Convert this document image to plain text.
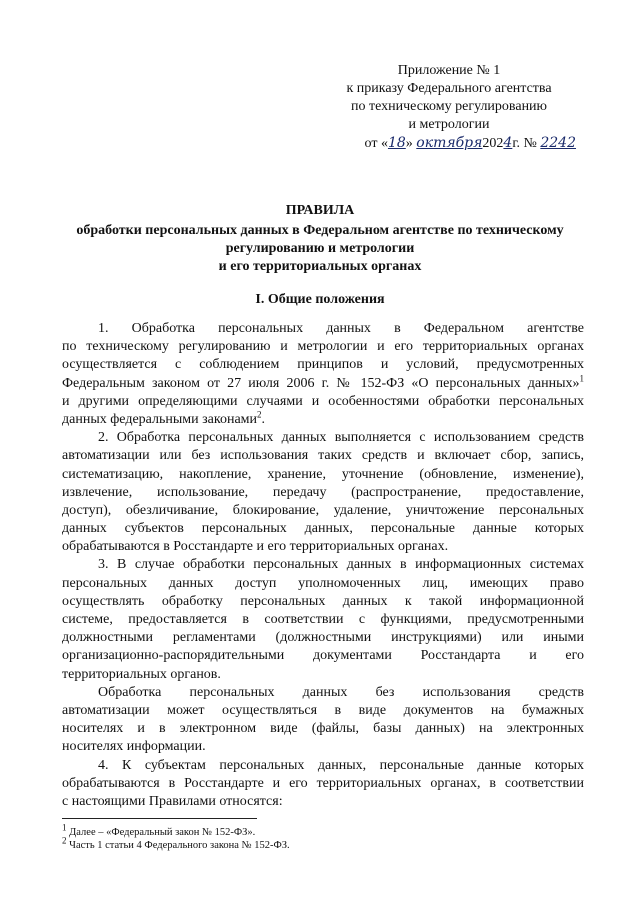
Приложение № 1
к приказу Федерального агентства
по техническому регулированию
и метрологии
от «18» октября2024г. № 2242
ПРАВИЛА
обработки персональных данных в Федеральном агентстве по техническому
регулированию и метрологии
и его территориальных органах
I. Общие положения
1. Обработка персональных данных в Федеральном агентстве
по техническому регулированию и метрологии и его территориальных органах
осуществляется с соблюдением принципов и условий, предусмотренных
Федеральным законом от 27 июля 2006 г. № 152-ФЗ «О персональных данных»$^1$
и другими определяющими случаями и особенностями обработки персональных
данных федеральными законами$^2$.
2. Обработка персональных данных выполняется с использованием средств
автоматизации или без использования таких средств и включает сбор, запись,
систематизацию, накопление, хранение, уточнение (обновление, изменение),
извлечение, использование, передачу (распространение, предоставление,
доступ), обезличивание, блокирование, удаление, уничтожение персональных
данных субъектов персональных данных, персональные данные которых
обрабатываются в Росстандарте и его территориальных органах.
3. В случае обработки персональных данных в информационных системах
персональных данных доступ уполномоченных лиц, имеющих право
осуществлять обработку персональных данных к такой информационной
системе, предоставляется в соответствии с функциями, предусмотренными
должностными регламентами (должностными инструкциями) или иными
организационно-распорядительными документами Росстандарта и его
территориальных органов.
Обработка персональных данных без использования средств
автоматизации может осуществляться в виде документов на бумажных
носителях и в электронном виде (файлы, базы данных) на электронных
носителях информации.
4. К субъектам персональных данных, персональные данные которых
обрабатываются в Росстандарте и его территориальных органах, в соответствии
с настоящими Правилами относятся:
$^1$ Далее – «Федеральный закон № 152-ФЗ».
$^2$ Часть 1 статьи 4 Федерального закона № 152-ФЗ.
